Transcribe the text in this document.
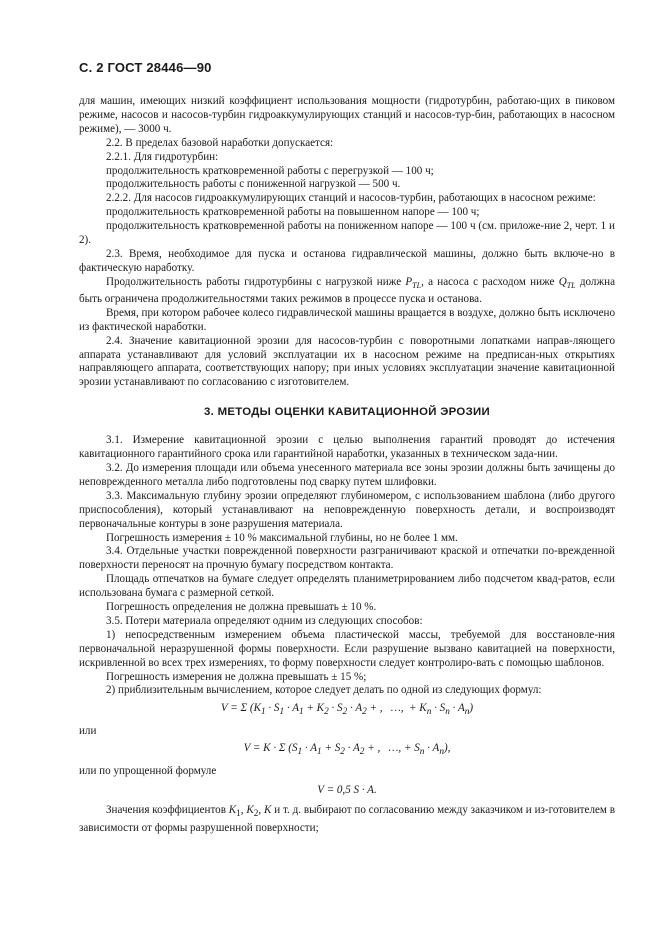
С. 2 ГОСТ 28446—90

для машин, имеющих низкий коэффициент использования мощности (гидротурбин, работаю-щих в пиковом режиме, насосов и насосов-турбин гидроаккумулирующих станций и насосов-тур-бин, работающих в насосном режиме), — 3000 ч.

2.2. В пределах базовой наработки допускается:

2.2.1. Для гидротурбин:

продолжительность кратковременной работы с перегрузкой — 100 ч;

продолжительность работы с пониженной нагрузкой — 500 ч.

2.2.2. Для насосов гидроаккумулирующих станций и насосов-турбин, работающих в насосном режиме:

продолжительность кратковременной работы на повышенном напоре — 100 ч;

продолжительность кратковременной работы на пониженном напоре — 100 ч (см. приложе-ние 2, черт. 1 и 2).

2.3. Время, необходимое для пуска и останова гидравлической машины, должно быть включе-но в фактическую наработку.

Продолжительность работы гидротурбины с нагрузкой ниже $P_{TL}$, а насоса с расходом ниже $Q_{TL}$ должна быть ограничена продолжительностями таких режимов в процессе пуска и останова.

Время, при котором рабочее колесо гидравлической машины вращается в воздухе, должно быть исключено из фактической наработки.

2.4. Значение кавитационной эрозии для насосов-турбин с поворотными лопатками направ-ляющего аппарата устанавливают для условий эксплуатации их в насосном режиме на предписан-ных открытиях направляющего аппарата, соответствующих напору; при иных условиях эксплуатации значение кавитационной эрозии устанавливают по согласованию с изготовителем.

3. МЕТОДЫ ОЦЕНКИ КАВИТАЦИОННОЙ ЭРОЗИИ

3.1. Измерение кавитационной эрозии с целью выполнения гарантий проводят до истечения кавитационного гарантийного срока или гарантийной наработки, указанных в техническом зада-нии.

3.2. До измерения площади или объема унесенного материала все зоны эрозии должны быть зачищены до неповрежденного металла либо подготовлены под сварку путем шлифовки.

3.3. Максимальную глубину эрозии определяют глубиномером, с использованием шаблона (либо другого приспособления), который устанавливают на неповрежденную поверхность детали, и воспроизводят первоначальные контуры в зоне разрушения материала.

Погрешность измерения ± 10 % максимальной глубины, но не более 1 мм.

3.4. Отдельные участки поврежденной поверхности разграничивают краской и отпечатки по-врежденной поверхности переносят на прочную бумагу посредством контакта.

Площадь отпечатков на бумаге следует определять планиметрированием либо подсчетом квад-ратов, если использована бумага с размерной сеткой.

Погрешность определения не должна превышать ± 10 %.

3.5. Потери материала определяют одним из следующих способов:

1) непосредственным измерением объема пластической массы, требуемой для восстановле-ния первоначальной неразрушенной формы поверхности. Если разрушение вызвано кавитацией на поверхности, искривленной во всех трех измерениях, то форму поверхности следует контролиро-вать с помощью шаблонов.

Погрешность измерения не должна превышать ± 15 %;

2) приблизительным вычислением, которое следует делать по одной из следующих формул:

V = Σ ($K_1 \cdot S_1 \cdot A_1 + K_2 \cdot S_2 \cdot A_2$ + ,   …,  + $K_n \cdot S_n \cdot A_n$)

или

V = K · Σ ($S_1 \cdot A_1 + S_2 \cdot A_2$ + ,   …, + $S_n \cdot A_n$),

или по упрощенной формуле

V = 0,5 S · A.

Значения коэффициентов $K_1$, $K_2$, K и т. д. выбирают по согласованию между заказчиком и из-готовителем в зависимости от формы разрушенной поверхности;
